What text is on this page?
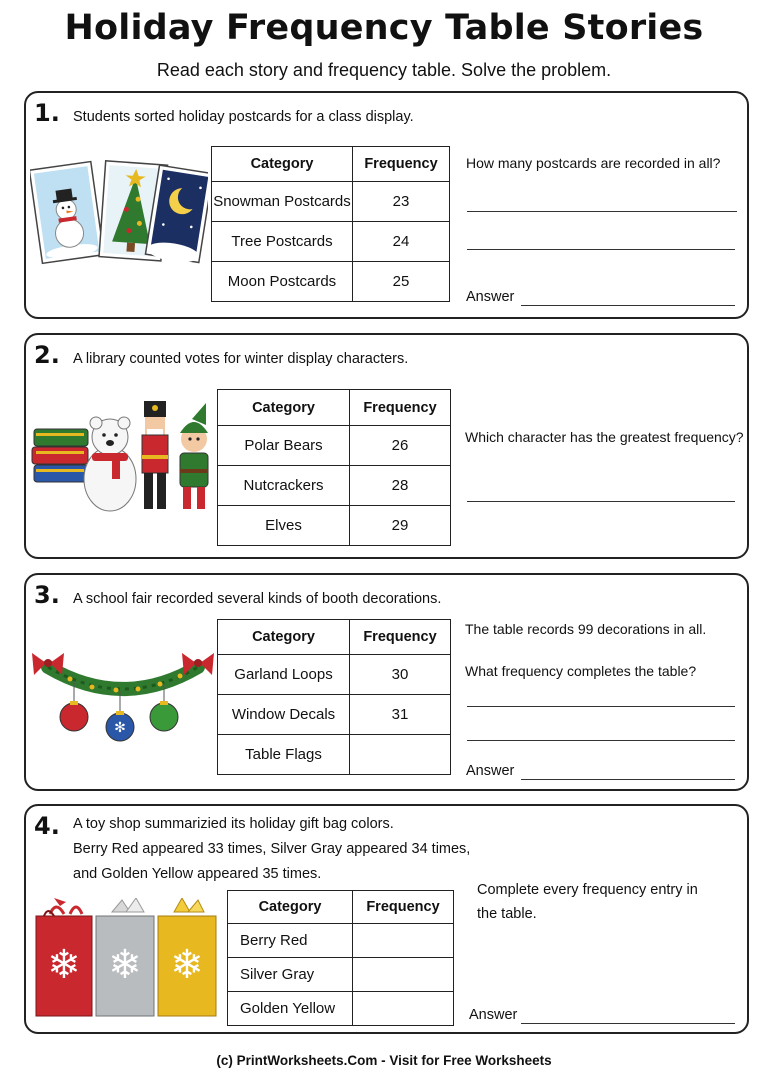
Holiday Frequency Table Stories
Read each story and frequency table. Solve the problem.
1. Students sorted holiday postcards for a class display.
Category	Frequency
Snowman Postcards	23
Tree Postcards	24
Moon Postcards	25
How many postcards are recorded in all?
Answer
2. A library counted votes for winter display characters.
Category	Frequency
Polar Bears	26
Nutcrackers	28
Elves	29
Which character has the greatest frequency?
3. A school fair recorded several kinds of booth decorations.
✻
Category	Frequency
Garland Loops	30
Window Decals	31
Table Flags	
The table records 99 decorations in all.
What frequency completes the table?
Answer
4. A toy shop summarizied its holiday gift bag colors.
Berry Red appeared 33 times, Silver Gray appeared 34 times,
and Golden Yellow appeared 35 times.
❄ ❄ ❄
Category	Frequency
Berry Red	
Silver Gray	
Golden Yellow	
Complete every frequency entry in
the table.
Answer
(c) PrintWorksheets.Com - Visit for Free Worksheets
